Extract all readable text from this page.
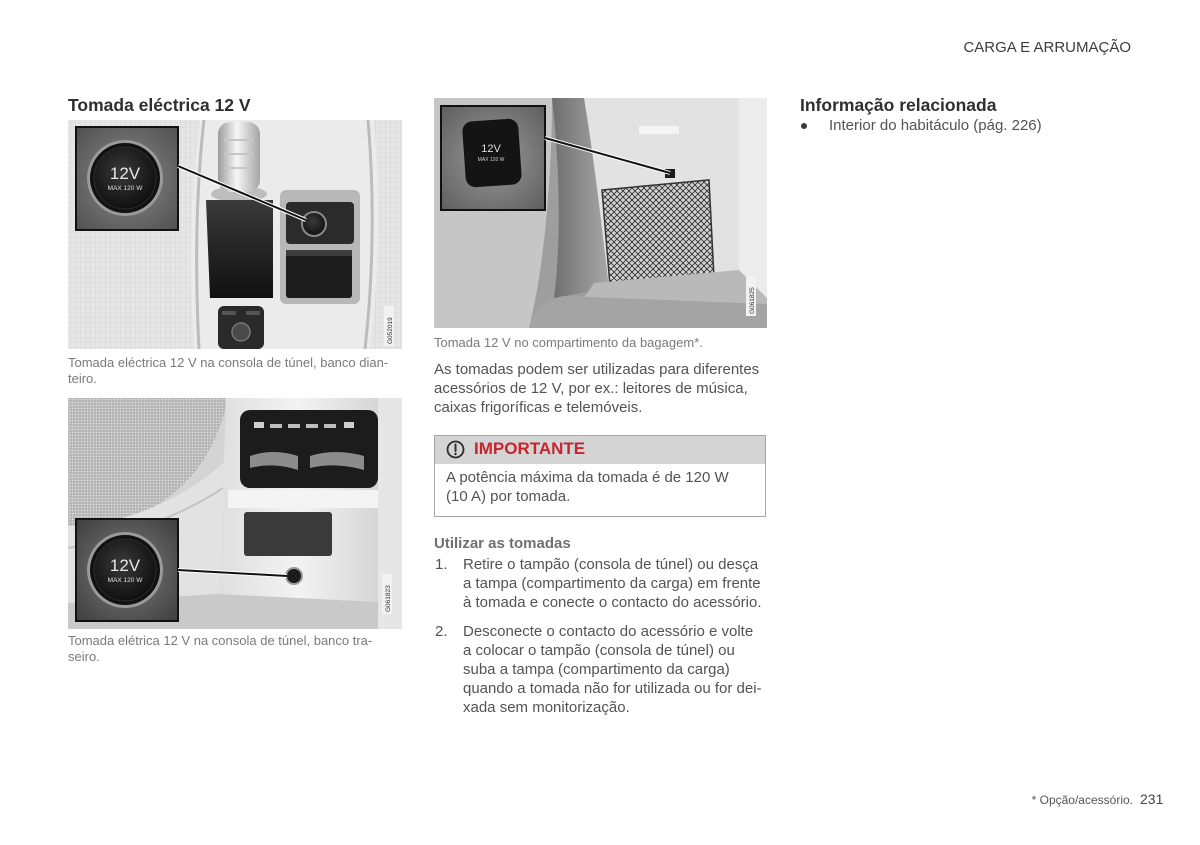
CARGA E ARRUMAÇÃO
Tomada eléctrica 12 V
12V
MAX 120 W
G052019
Tomada eléctrica 12 V na consola de túnel, banco dian-
teiro.
12V
MAX 120 W
G061823
Tomada elétrica 12 V na consola de túnel, banco tra-
seiro.
12V
MAX 120 W
G061825
Tomada 12 V no compartimento da bagagem*.
As tomadas podem ser utilizadas para diferentes
acessórios de 12 V, por ex.: leitores de música,
caixas frigoríficas e telemóveis.
IMPORTANTE
A potência máxima da tomada é de 120 W
(10 A) por tomada.
Utilizar as tomadas
1. Retire o tampão (consola de túnel) ou desça
a tampa (compartimento da carga) em frente
à tomada e conecte o contacto do acessório.
2. Desconecte o contacto do acessório e volte
a colocar o tampão (consola de túnel) ou
suba a tampa (compartimento da carga)
quando a tomada não for utilizada ou for dei-
xada sem monitorização.
Informação relacionada
Interior do habitáculo (pág. 226)
* Opção/acessório. 231
